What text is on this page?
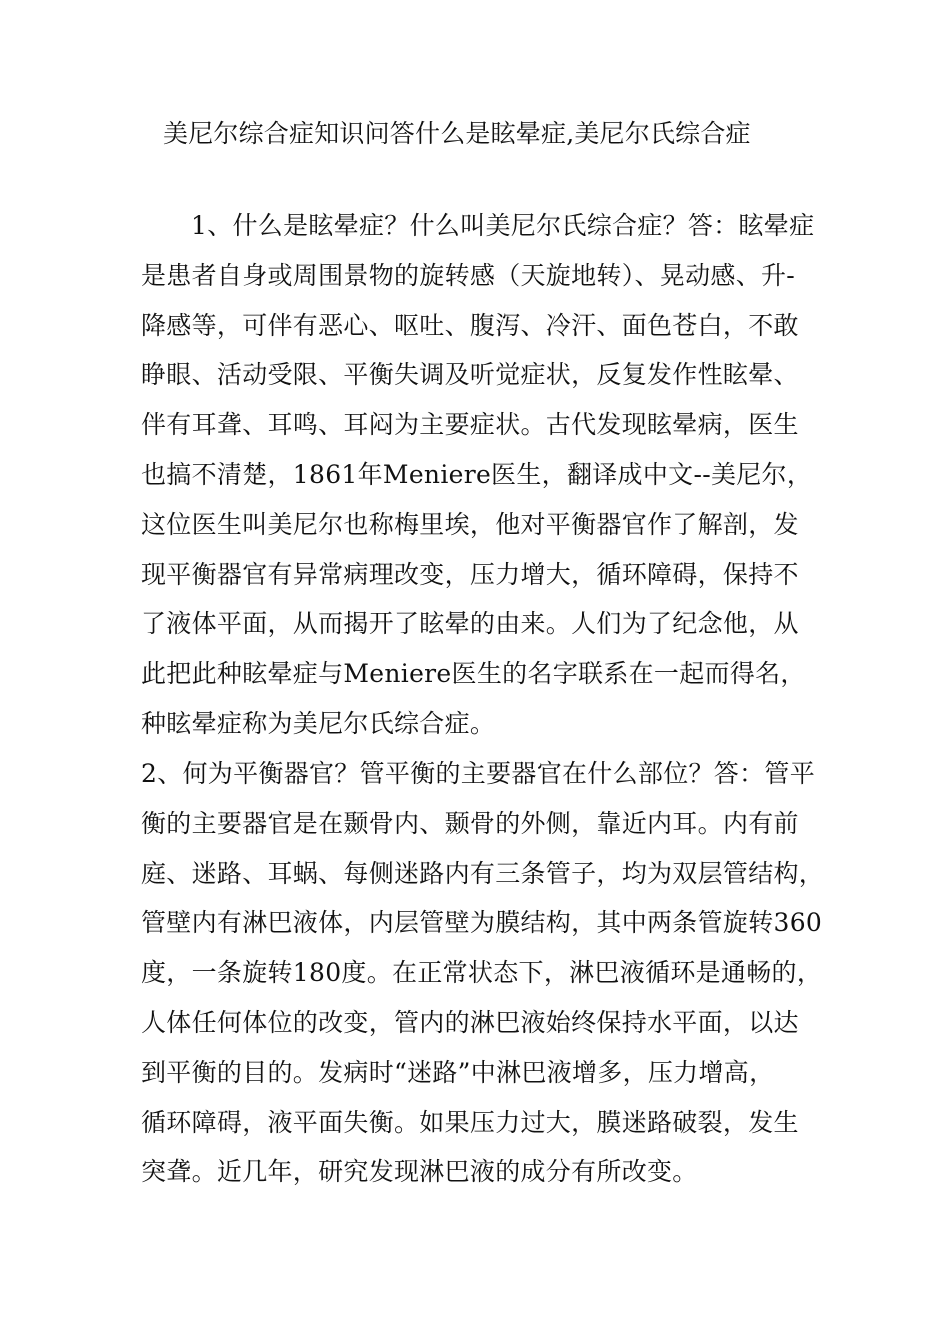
美尼尔综合症知识问答什么是眩晕症,美尼尔氏综合症
1、什么是眩晕症？什么叫美尼尔氏综合症？答：眩晕症
是患者自身或周围景物的旋转感（天旋地转）、晃动感、升-
降感等，可伴有恶心、呕吐、腹泻、冷汗、面色苍白，不敢
睁眼、活动受限、平衡失调及听觉症状，反复发作性眩晕、
伴有耳聋、耳鸣、耳闷为主要症状。古代发现眩晕病，医生
也搞不清楚，1861年Meniere医生，翻译成中文--美尼尔，
这位医生叫美尼尔也称梅里埃，他对平衡器官作了解剖，发
现平衡器官有异常病理改变，压力增大，循环障碍，保持不
了液体平面，从而揭开了眩晕的由来。人们为了纪念他，从
此把此种眩晕症与Meniere医生的名字联系在一起而得名，
种眩晕症称为美尼尔氏综合症。
2、何为平衡器官？管平衡的主要器官在什么部位？答：管平
衡的主要器官是在颞骨内、颞骨的外侧，靠近内耳。内有前
庭、迷路、耳蜗、每侧迷路内有三条管子，均为双层管结构，
管壁内有淋巴液体，内层管壁为膜结构，其中两条管旋转360
度，一条旋转180度。在正常状态下，淋巴液循环是通畅的，
人体任何体位的改变，管内的淋巴液始终保持水平面，以达
到平衡的目的。发病时“迷路”中淋巴液增多，压力增高，
循环障碍，液平面失衡。如果压力过大，膜迷路破裂，发生
突聋。近几年，研究发现淋巴液的成分有所改变。
